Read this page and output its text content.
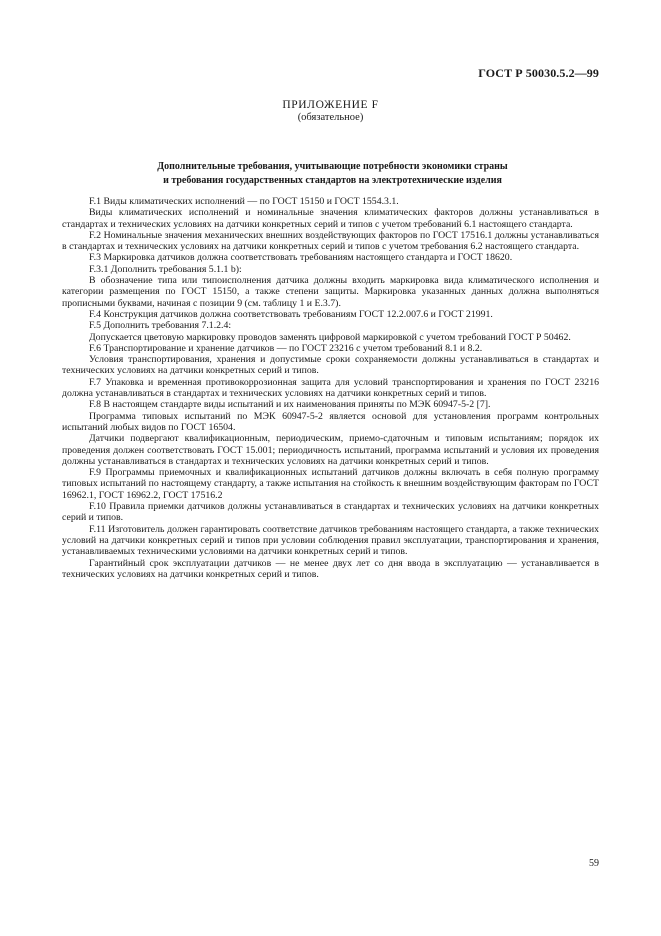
ГОСТ Р 50030.5.2—99
ПРИЛОЖЕНИЕ F
(обязательное)
Дополнительные требования, учитывающие потребности экономики страны
и требования государственных стандартов на электротехнические изделия

F.1 Виды климатических исполнений — по ГОСТ 15150 и ГОСТ 1554.3.1.

Виды климатических исполнений и номинальные значения климатических факторов должны устанавливаться в стандартах и технических условиях на датчики конкретных серий и типов с учетом требований 6.1 настоящего стандарта.

F.2 Номинальные значения механических внешних воздействующих факторов по ГОСТ 17516.1 должны устанавливаться в стандартах и технических условиях на датчики конкретных серий и типов с учетом требования 6.2 настоящего стандарта.

F.3 Маркировка датчиков должна соответствовать требованиям настоящего стандарта и ГОСТ 18620.

F.3.1 Дополнить требования 5.1.1 b):

В обозначение типа или типоисполнения датчика должны входить маркировка вида климатического исполнения и категории размещения по ГОСТ 15150, а также степени защиты. Маркировка указанных данных должна выполняться прописными буквами, начиная с позиции 9 (см. таблицу 1 и Е.3.7).

F.4 Конструкция датчиков должна соответствовать требованиям ГОСТ 12.2.007.6 и ГОСТ 21991.

F.5 Дополнить требования 7.1.2.4:

Допускается цветовую маркировку проводов заменять цифровой маркировкой с учетом требований ГОСТ Р 50462.

F.6 Транспортирование и хранение датчиков — по ГОСТ 23216 с учетом требований 8.1 и 8.2.

Условия транспортирования, хранения и допустимые сроки сохраняемости должны устанавливаться в стандартах и технических условиях на датчики конкретных серий и типов.

F.7 Упаковка и временная противокоррозионная защита для условий транспортирования и хранения по ГОСТ 23216 должна устанавливаться в стандартах и технических условиях на датчики конкретных серий и типов.

F.8 В настоящем стандарте виды испытаний и их наименования приняты по МЭК 60947-5-2 [7].

Программа типовых испытаний по МЭК 60947-5-2 является основой для установления программ контрольных испытаний любых видов по ГОСТ 16504.

Датчики подвергают квалификационным, периодическим, приемо-сдаточным и типовым испытаниям; порядок их проведения должен соответствовать ГОСТ 15.001; периодичность испытаний, программа испытаний и условия их проведения должны устанавливаться в стандартах и технических условиях на датчики конкретных серий и типов.

F.9 Программы приемочных и квалификационных испытаний датчиков должны включать в себя полную программу типовых испытаний по настоящему стандарту, а также испытания на стойкость к внешним воздействующим факторам по ГОСТ 16962.1, ГОСТ 16962.2, ГОСТ 17516.2

F.10 Правила приемки датчиков должны устанавливаться в стандартах и технических условиях на датчики конкретных серий и типов.

F.11 Изготовитель должен гарантировать соответствие датчиков требованиям настоящего стандарта, а также технических условий на датчики конкретных серий и типов при условии соблюдения правил эксплуатации, транспортирования и хранения, устанавливаемых техническими условиями на датчики конкретных серий и типов.

Гарантийный срок эксплуатации датчиков — не менее двух лет со дня ввода в эксплуатацию — устанавливается в технических условиях на датчики конкретных серий и типов.

59
